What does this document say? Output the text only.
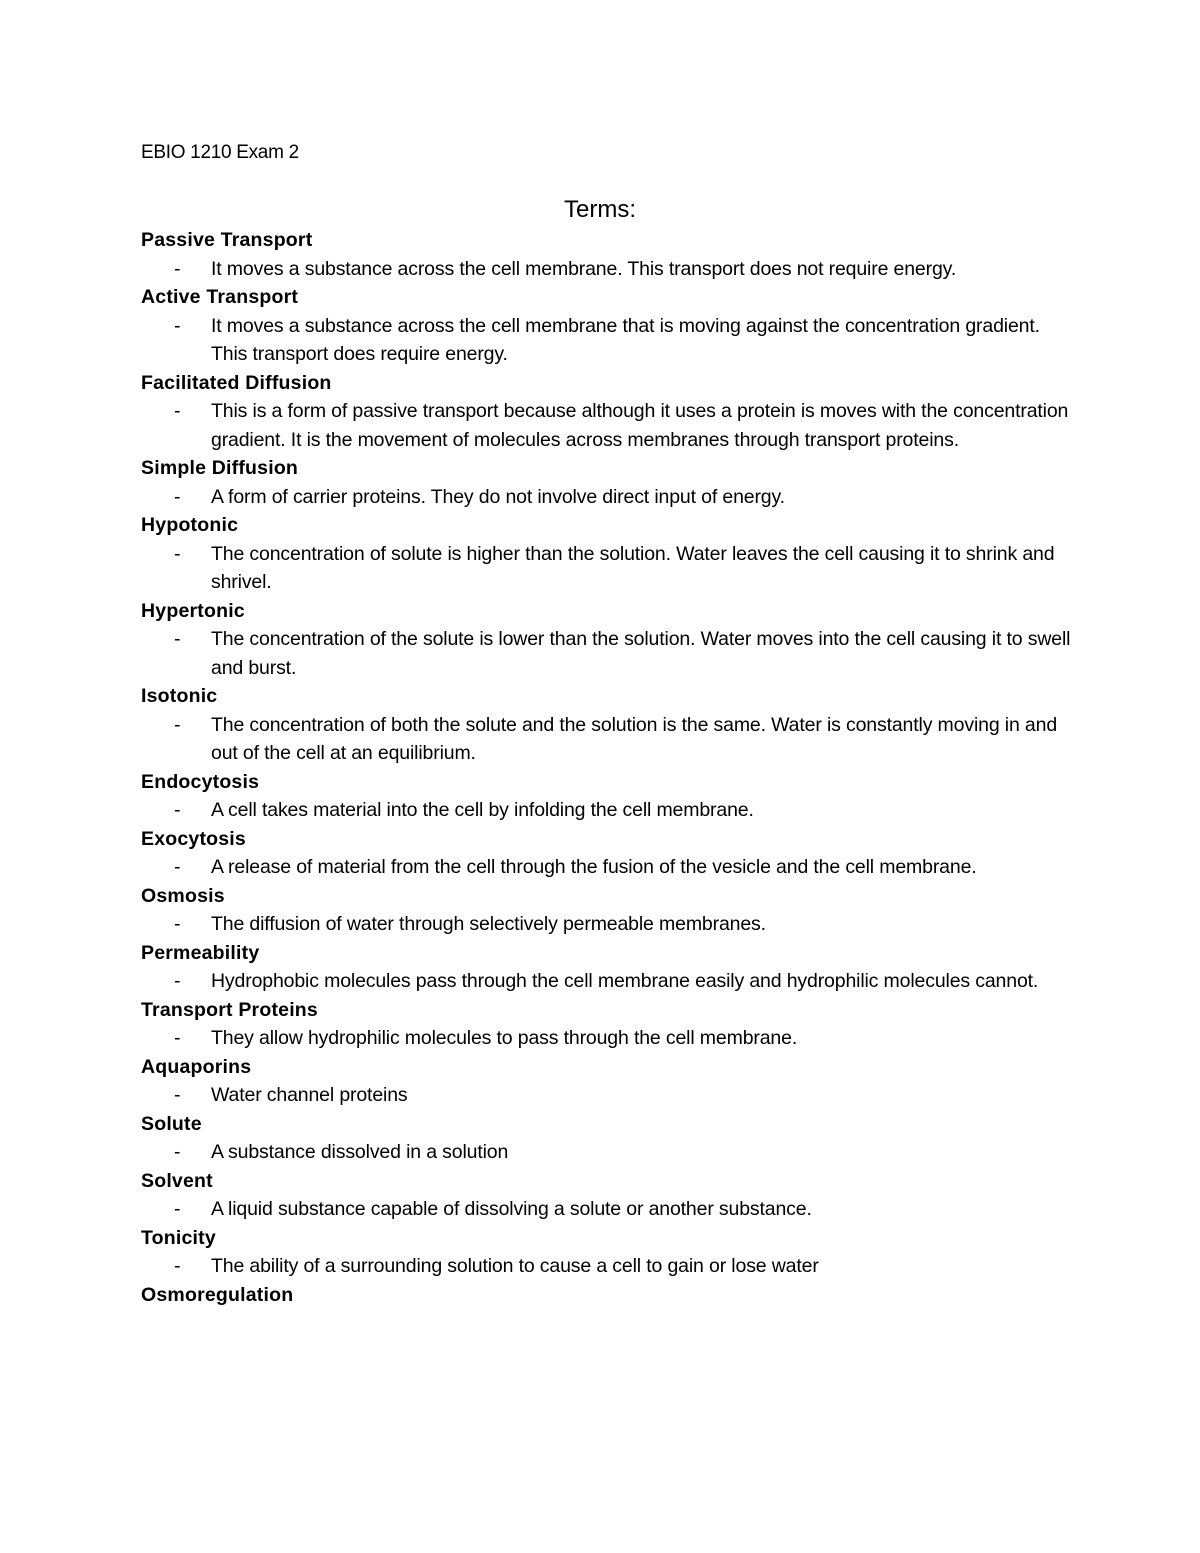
EBIO 1210 Exam 2
Terms:
Passive Transport
- It moves a substance across the cell membrane. This transport does not require energy.
Active Transport
- It moves a substance across the cell membrane that is moving against the concentration gradient. This transport does require energy.
Facilitated Diffusion
- This is a form of passive transport because although it uses a protein is moves with the concentration gradient. It is the movement of molecules across membranes through transport proteins.
Simple Diffusion
- A form of carrier proteins. They do not involve direct input of energy.
Hypotonic
- The concentration of solute is higher than the solution. Water leaves the cell causing it to shrink and shrivel.
Hypertonic
- The concentration of the solute is lower than the solution. Water moves into the cell causing it to swell and burst.
Isotonic
- The concentration of both the solute and the solution is the same. Water is constantly moving in and out of the cell at an equilibrium.
Endocytosis
- A cell takes material into the cell by infolding the cell membrane.
Exocytosis
- A release of material from the cell through the fusion of the vesicle and the cell membrane.
Osmosis
- The diffusion of water through selectively permeable membranes.
Permeability
- Hydrophobic molecules pass through the cell membrane easily and hydrophilic molecules cannot.
Transport Proteins
- They allow hydrophilic molecules to pass through the cell membrane.
Aquaporins
- Water channel proteins
Solute
- A substance dissolved in a solution
Solvent
- A liquid substance capable of dissolving a solute or another substance.
Tonicity
- The ability of a surrounding solution to cause a cell to gain or lose water
Osmoregulation
